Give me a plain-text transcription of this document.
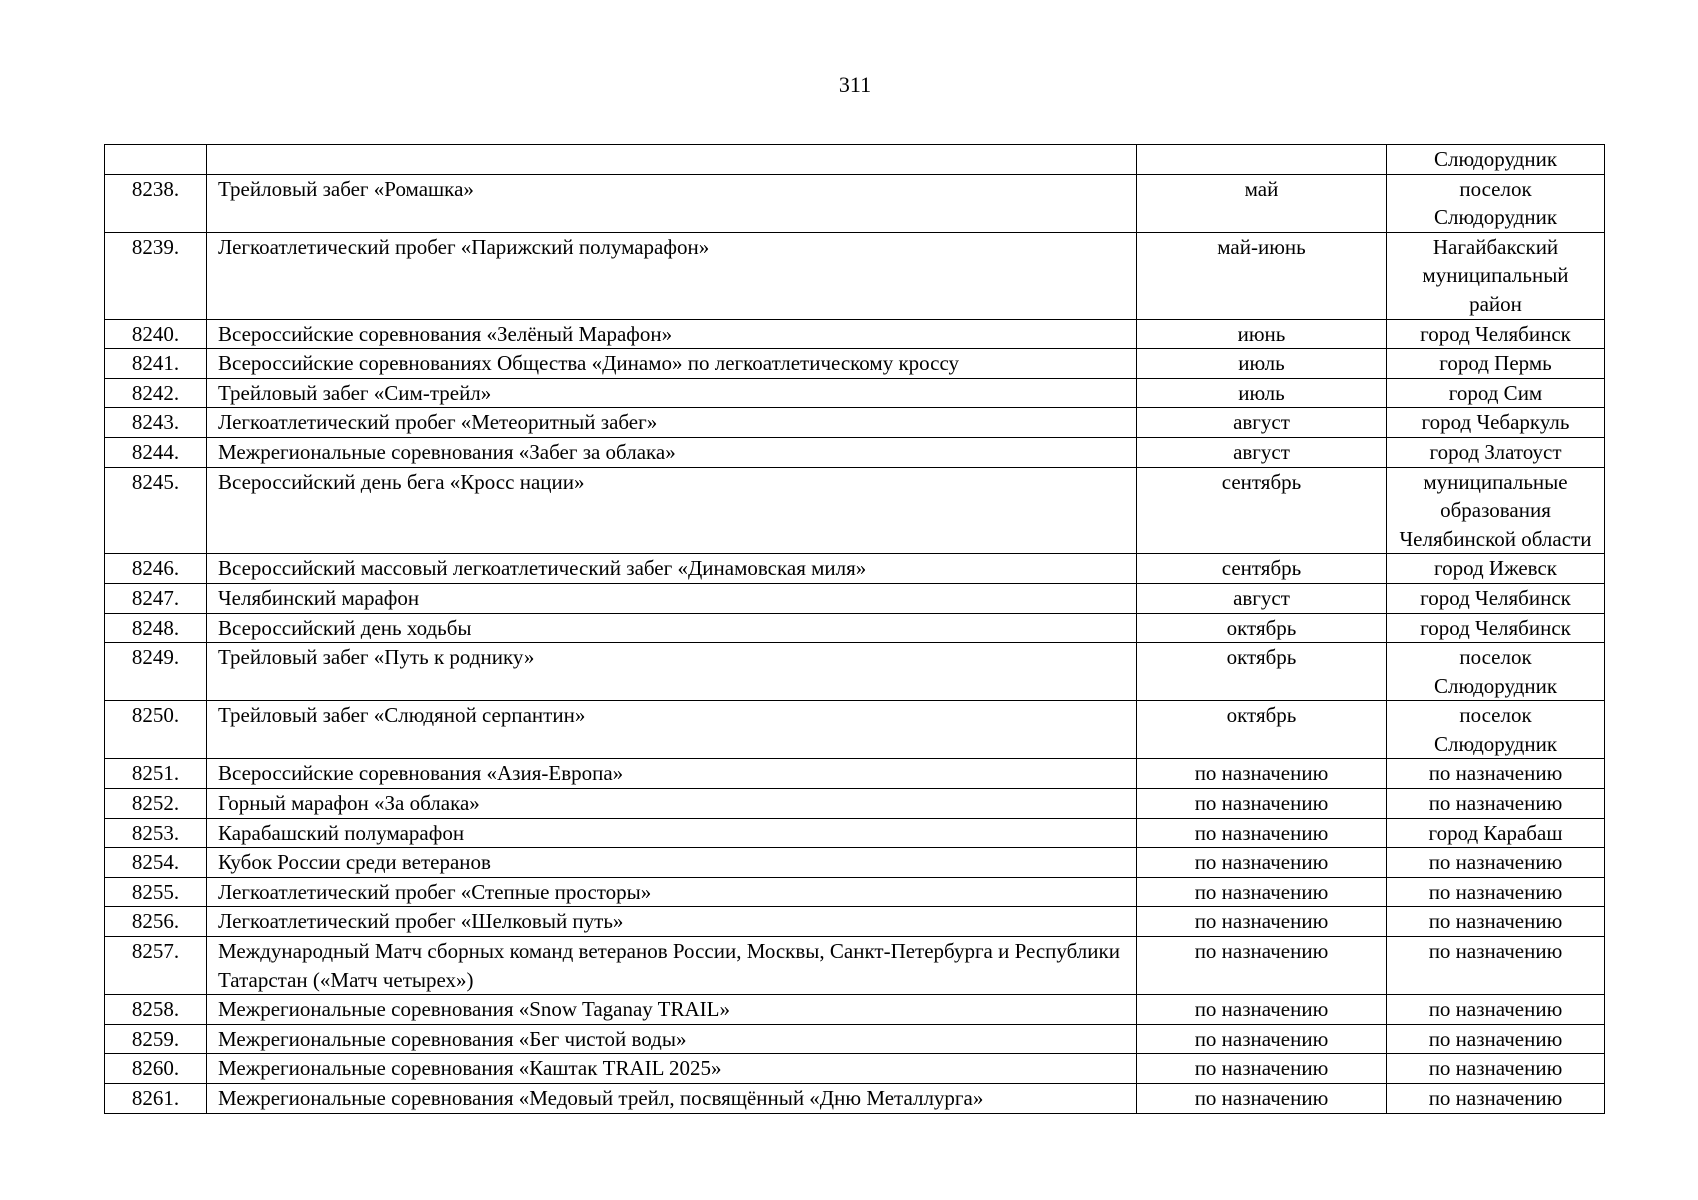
311

			Слюдорудник

8238.	Трейловый забег «Ромашка»	май	поселок Слюдорудник

8239.	Легкоатлетический пробег «Парижский полумарафон»	май-июнь	Нагайбакский муниципальный район

8240.	Всероссийские соревнования «Зелёный Марафон»	июнь	город Челябинск

8241.	Всероссийские соревнованиях Общества «Динамо» по легкоатлетическому кроссу	июль	город Пермь

8242.	Трейловый забег «Сим-трейл»	июль	город Сим

8243.	Легкоатлетический пробег «Метеоритный забег»	август	город Чебаркуль

8244.	Межрегиональные соревнования «Забег за облака»	август	город Златоуст

8245.	Всероссийский день бега «Кросс нации»	сентябрь	муниципальные образования Челябинской области

8246.	Всероссийский массовый легкоатлетический забег «Динамовская миля»	сентябрь	город Ижевск

8247.	Челябинский марафон	август	город Челябинск

8248.	Всероссийский день ходьбы	октябрь	город Челябинск

8249.	Трейловый забег «Путь к роднику»	октябрь	поселок Слюдорудник

8250.	Трейловый забег «Слюдяной серпантин»	октябрь	поселок Слюдорудник

8251.	Всероссийские соревнования «Азия-Европа»	по назначению	по назначению

8252.	Горный марафон «За облака»	по назначению	по назначению

8253.	Карабашский полумарафон	по назначению	город Карабаш

8254.	Кубок России среди ветеранов	по назначению	по назначению

8255.	Легкоатлетический пробег «Степные просторы»	по назначению	по назначению

8256.	Легкоатлетический пробег «Шелковый путь»	по назначению	по назначению

8257.	Международный Матч сборных команд ветеранов России, Москвы, Санкт-Петербурга и Республики Татарстан («Матч четырех»)	по назначению	по назначению

8258.	Межрегиональные соревнования «Snow Taganay TRAIL»	по назначению	по назначению

8259.	Межрегиональные соревнования «Бег чистой воды»	по назначению	по назначению

8260.	Межрегиональные соревнования «Каштак TRAIL 2025»	по назначению	по назначению

8261.	Межрегиональные соревнования «Медовый трейл, посвящённый «Дню Металлурга»	по назначению	по назначению
